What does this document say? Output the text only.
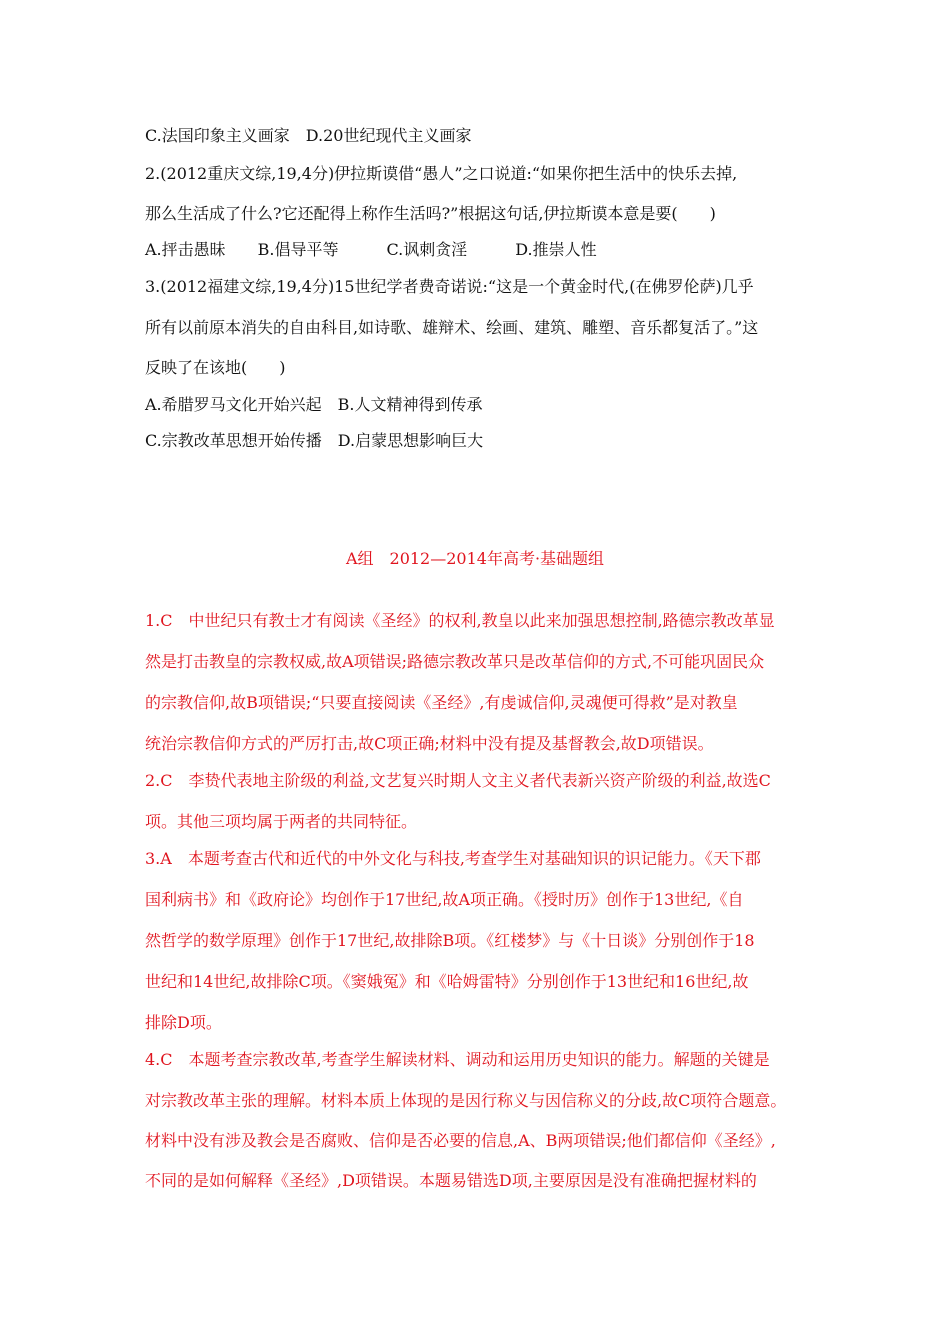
C.法国印象主义画家　D.20世纪现代主义画家
2.(2012重庆文综,19,4分)伊拉斯谟借“愚人”之口说道:“如果你把生活中的快乐去掉,
那么生活成了什么?它还配得上称作生活吗?”根据这句话,伊拉斯谟本意是要(　　)
A.抨击愚昧　　B.倡导平等　　　C.讽刺贪淫　　　D.推崇人性
3.(2012福建文综,19,4分)15世纪学者费奇诺说:“这是一个黄金时代,(在佛罗伦萨)几乎
所有以前原本消失的自由科目,如诗歌、雄辩术、绘画、建筑、雕塑、音乐都复活了。”这
反映了在该地(　　)
A.希腊罗马文化开始兴起　B.人文精神得到传承
C.宗教改革思想开始传播　D.启蒙思想影响巨大
A组　2012—2014年高考·基础题组
1.C　中世纪只有教士才有阅读《圣经》的权利,教皇以此来加强思想控制,路德宗教改革显
然是打击教皇的宗教权威,故A项错误;路德宗教改革只是改革信仰的方式,不可能巩固民众
的宗教信仰,故B项错误;“只要直接阅读《圣经》,有虔诚信仰,灵魂便可得救”是对教皇
统治宗教信仰方式的严厉打击,故C项正确;材料中没有提及基督教会,故D项错误。
2.C　李贽代表地主阶级的利益,文艺复兴时期人文主义者代表新兴资产阶级的利益,故选C
项。其他三项均属于两者的共同特征。
3.A　本题考查古代和近代的中外文化与科技,考查学生对基础知识的识记能力。《天下郡
国利病书》和《政府论》均创作于17世纪,故A项正确。《授时历》创作于13世纪,《自
然哲学的数学原理》创作于17世纪,故排除B项。《红楼梦》与《十日谈》分别创作于18
世纪和14世纪,故排除C项。《窦娥冤》和《哈姆雷特》分别创作于13世纪和16世纪,故
排除D项。
4.C　本题考查宗教改革,考查学生解读材料、调动和运用历史知识的能力。解题的关键是
对宗教改革主张的理解。材料本质上体现的是因行称义与因信称义的分歧,故C项符合题意。
材料中没有涉及教会是否腐败、信仰是否必要的信息,A、B两项错误;他们都信仰《圣经》,
不同的是如何解释《圣经》,D项错误。本题易错选D项,主要原因是没有准确把握材料的
